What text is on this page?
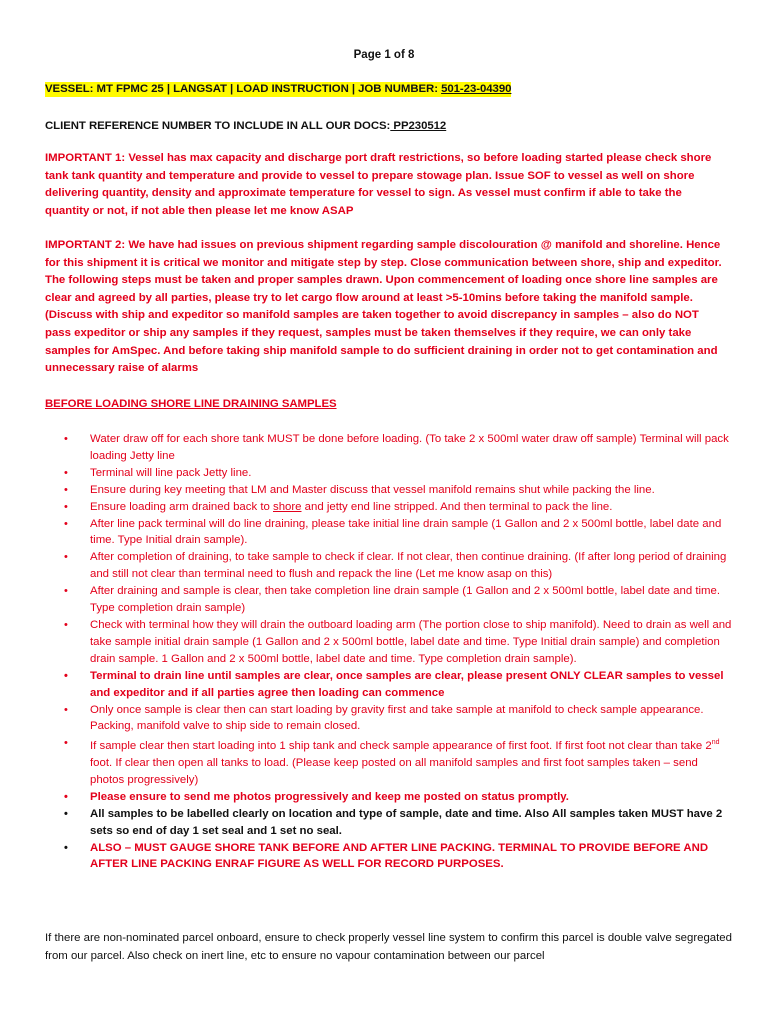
Page 1 of 8
VESSEL: MT FPMC 25 | LANGSAT | LOAD INSTRUCTION | JOB NUMBER: 501-23-04390
CLIENT REFERENCE NUMBER TO INCLUDE IN ALL OUR DOCS: PP230512
IMPORTANT 1: Vessel has max capacity and discharge port draft restrictions, so before loading started please check shore tank tank quantity and temperature and provide to vessel to prepare stowage plan. Issue SOF to vessel as well on shore delivering quantity, density and approximate temperature for vessel to sign. As vessel must confirm if able to take the quantity or not, if not able then please let me know ASAP
IMPORTANT 2: We have had issues on previous shipment regarding sample discolouration @ manifold and shoreline. Hence for this shipment it is critical we monitor and mitigate step by step. Close communication between shore, ship and expeditor. The following steps must be taken and proper samples drawn. Upon commencement of loading once shore line samples are clear and agreed by all parties, please try to let cargo flow around at least >5-10mins before taking the manifold sample. (Discuss with ship and expeditor so manifold samples are taken together to avoid discrepancy in samples – also do NOT pass expeditor or ship any samples if they request, samples must be taken themselves if they require, we can only take samples for AmSpec. And before taking ship manifold sample to do sufficient draining in order not to get contamination and unnecessary raise of alarms
BEFORE LOADING SHORE LINE DRAINING SAMPLES
• Water draw off for each shore tank MUST be done before loading. (To take 2 x 500ml water draw off sample) Terminal will pack loading Jetty line
• Terminal will line pack Jetty line.
• Ensure during key meeting that LM and Master discuss that vessel manifold remains shut while packing the line.
• Ensure loading arm drained back to shore and jetty end line stripped. And then terminal to pack the line.
• After line pack terminal will do line draining, please take initial line drain sample (1 Gallon and 2 x 500ml bottle, label date and time. Type Initial drain sample).
• After completion of draining, to take sample to check if clear. If not clear, then continue draining. (If after long period of draining and still not clear than terminal need to flush and repack the line (Let me know asap on this)
• After draining and sample is clear, then take completion line drain sample (1 Gallon and 2 x 500ml bottle, label date and time. Type completion drain sample)
• Check with terminal how they will drain the outboard loading arm (The portion close to ship manifold). Need to drain as well and take sample initial drain sample (1 Gallon and 2 x 500ml bottle, label date and time. Type Initial drain sample) and completion drain sample. 1 Gallon and 2 x 500ml bottle, label date and time. Type completion drain sample).
• Terminal to drain line until samples are clear, once samples are clear, please present ONLY CLEAR samples to vessel and expeditor and if all parties agree then loading can commence
• Only once sample is clear then can start loading by gravity first and take sample at manifold to check sample appearance. Packing, manifold valve to ship side to remain closed.
• If sample clear then start loading into 1 ship tank and check sample appearance of first foot. If first foot not clear than take 2nd foot. If clear then open all tanks to load. (Please keep posted on all manifold samples and first foot samples taken – send photos progressively)
• Please ensure to send me photos progressively and keep me posted on status promptly.
• All samples to be labelled clearly on location and type of sample, date and time. Also All samples taken MUST have 2 sets so end of day 1 set seal and 1 set no seal.
• ALSO – MUST GAUGE SHORE TANK BEFORE AND AFTER LINE PACKING. TERMINAL TO PROVIDE BEFORE AND AFTER LINE PACKING ENRAF FIGURE AS WELL FOR RECORD PURPOSES.
If there are non-nominated parcel onboard, ensure to check properly vessel line system to confirm this parcel is double valve segregated from our parcel. Also check on inert line, etc to ensure no vapour contamination between our parcel
